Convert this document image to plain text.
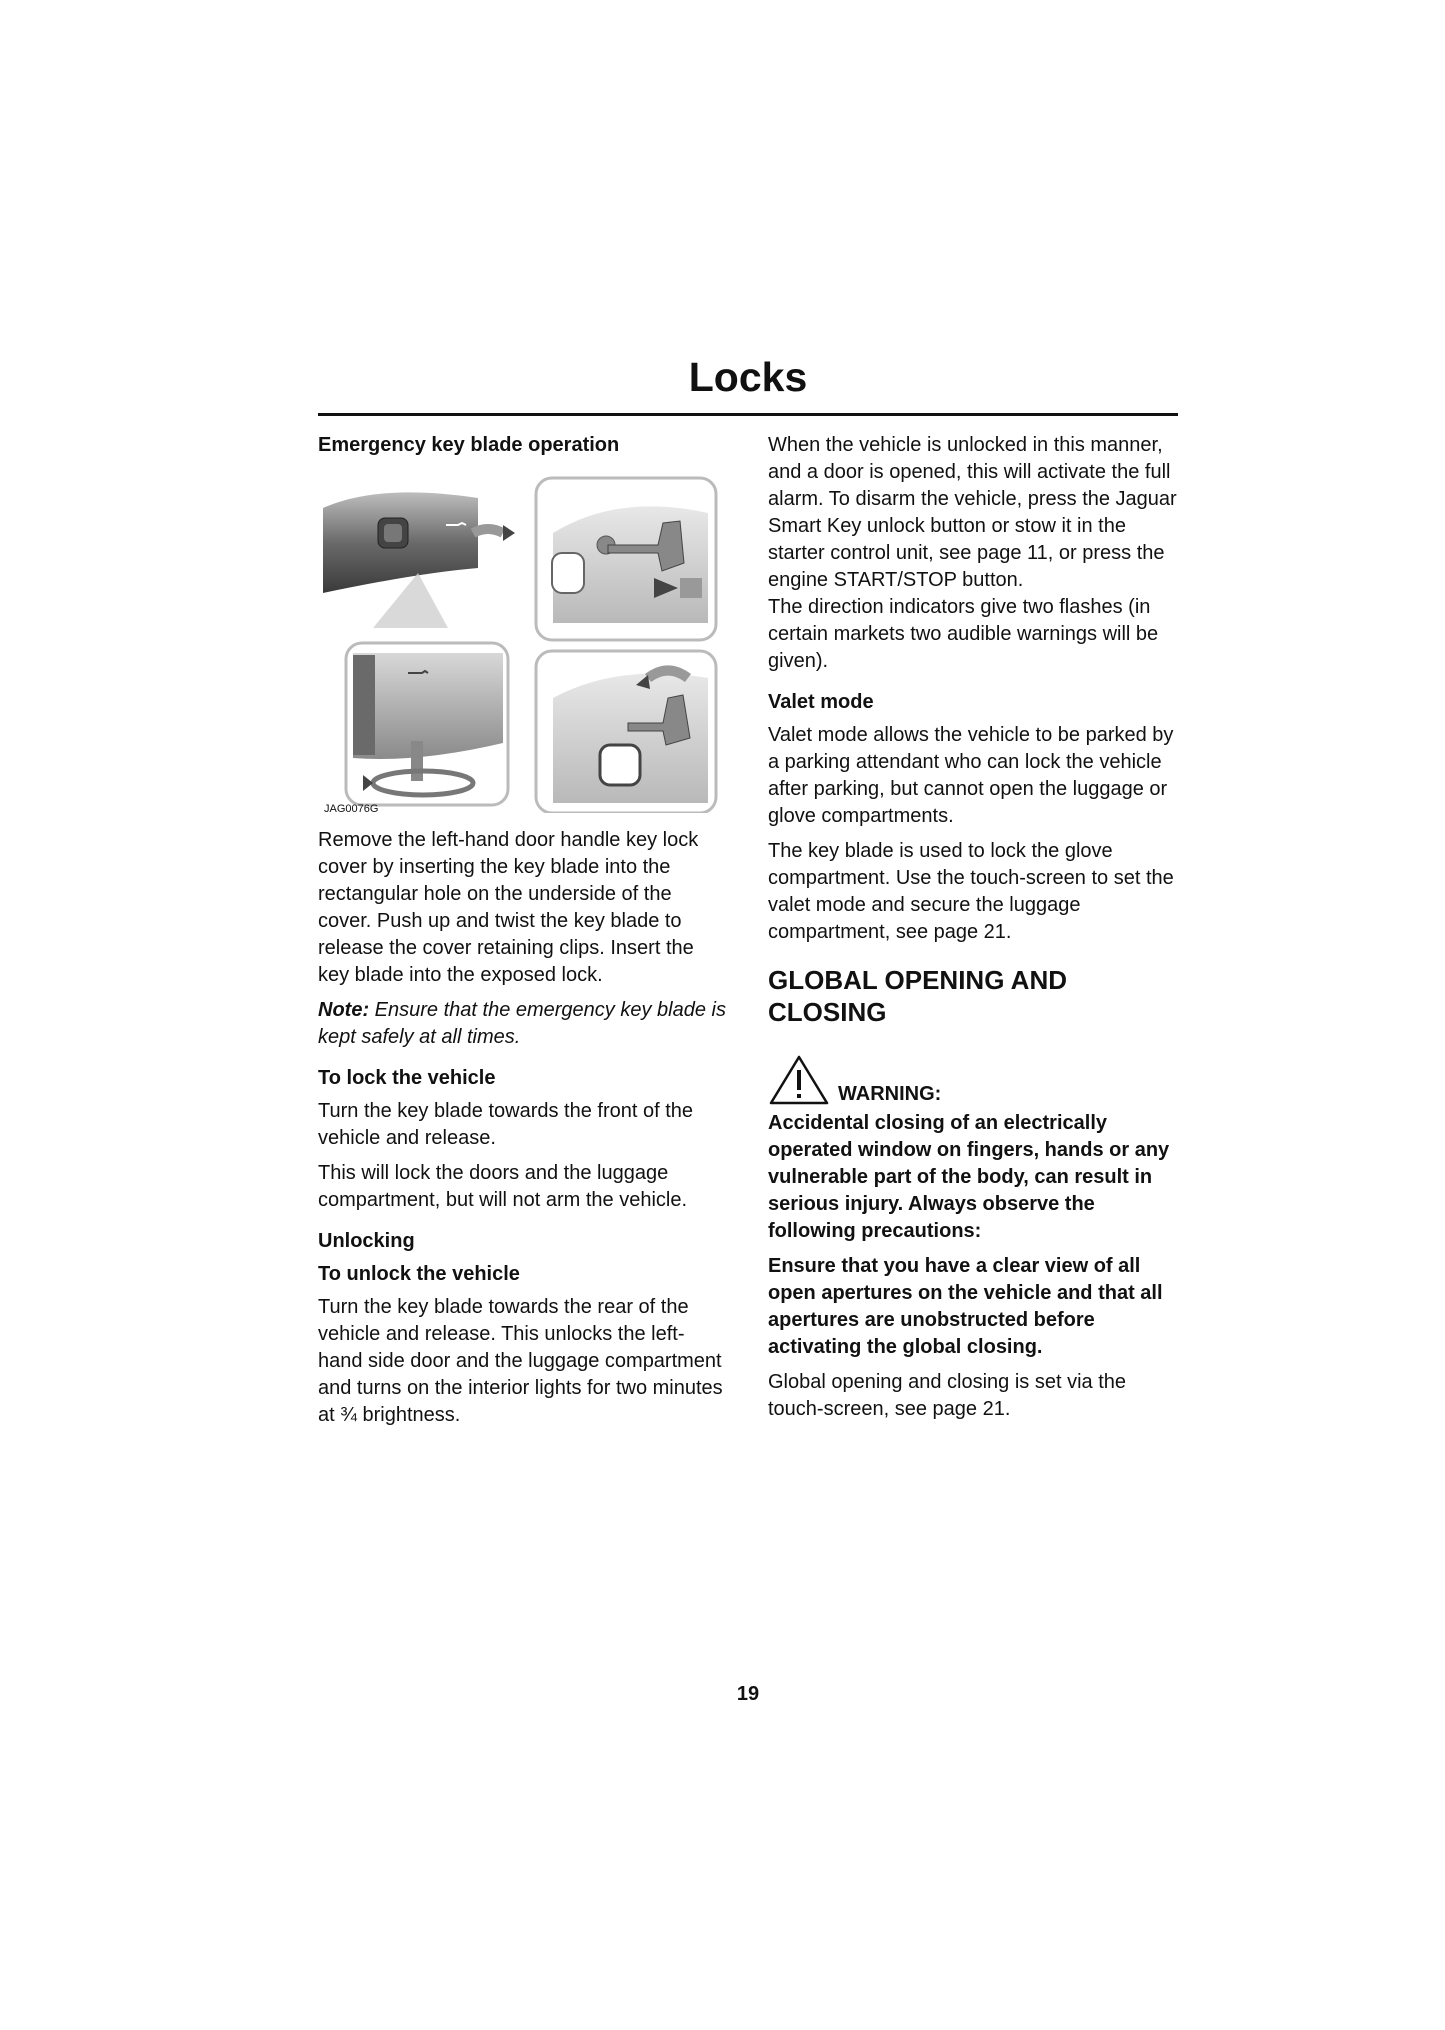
Locks
Emergency key blade operation
JAG0076G

Remove the left-hand door handle key lock cover by inserting the key blade into the rectangular hole on the underside of the cover. Push up and twist the key blade to release the cover retaining clips. Insert the key blade into the exposed lock.

Note: Ensure that the emergency key blade is kept safely at all times.

To lock the vehicle

Turn the key blade towards the front of the vehicle and release.

This will lock the doors and the luggage compartment, but will not arm the vehicle.

Unlocking
To unlock the vehicle

Turn the key blade towards the rear of the vehicle and release. This unlocks the left-hand side door and the luggage compartment and turns on the interior lights for two minutes at ¾ brightness.

When the vehicle is unlocked in this manner, and a door is opened, this will activate the full alarm. To disarm the vehicle, press the Jaguar Smart Key unlock button or stow it in the starter control unit, see page 11, or press the engine START/STOP button.

The direction indicators give two flashes (in certain markets two audible warnings will be given).

Valet mode

Valet mode allows the vehicle to be parked by a parking attendant who can lock the vehicle after parking, but cannot open the luggage or glove compartments.

The key blade is used to lock the glove compartment. Use the touch-screen to set the valet mode and secure the luggage compartment, see page 21.

GLOBAL OPENING AND CLOSING
WARNING:

Accidental closing of an electrically operated window on fingers, hands or any vulnerable part of the body, can result in serious injury. Always observe the following precautions:

Ensure that you have a clear view of all open apertures on the vehicle and that all apertures are unobstructed before activating the global closing.

Global opening and closing is set via the touch-screen, see page 21.

19
